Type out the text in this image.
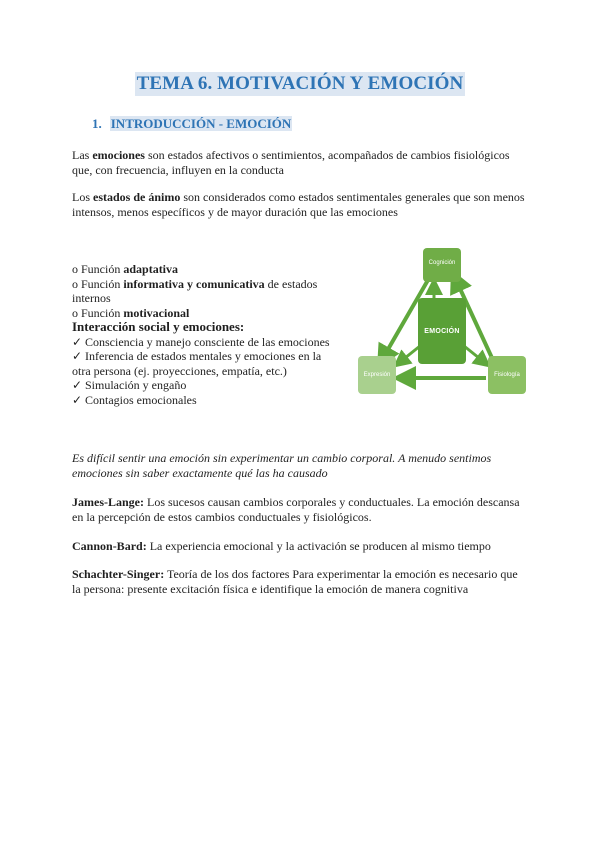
TEMA 6. MOTIVACIÓN Y EMOCIÓN
1. INTRODUCCIÓN - EMOCIÓN
Las emociones son estados afectivos o sentimientos, acompañados de cambios fisiológicos que, con frecuencia, influyen en la conducta
Los estados de ánimo son considerados como estados sentimentales generales que son menos intensos, menos específicos y de mayor duración que las emociones
o Función adaptativa
o Función informativa y comunicativa de estados internos
o Función motivacional
Interacción social y emociones:
✓ Consciencia y manejo consciente de las emociones
✓ Inferencia de estados mentales y emociones en la otra persona (ej. proyecciones, empatía, etc.)
✓ Simulación y engaño
✓ Contagios emocionales
Cognición
EMOCIÓN
Expresión	Fisiología
Es difícil sentir una emoción sin experimentar un cambio corporal. A menudo sentimos emociones sin saber exactamente qué las ha causado
James-Lange: Los sucesos causan cambios corporales y conductuales. La emoción descansa en la percepción de estos cambios conductuales y fisiológicos.
Cannon-Bard: La experiencia emocional y la activación se producen al mismo tiempo
Schachter-Singer: Teoría de los dos factores Para experimentar la emoción es necesario que la persona: presente excitación física e identifique la emoción de manera cognitiva
